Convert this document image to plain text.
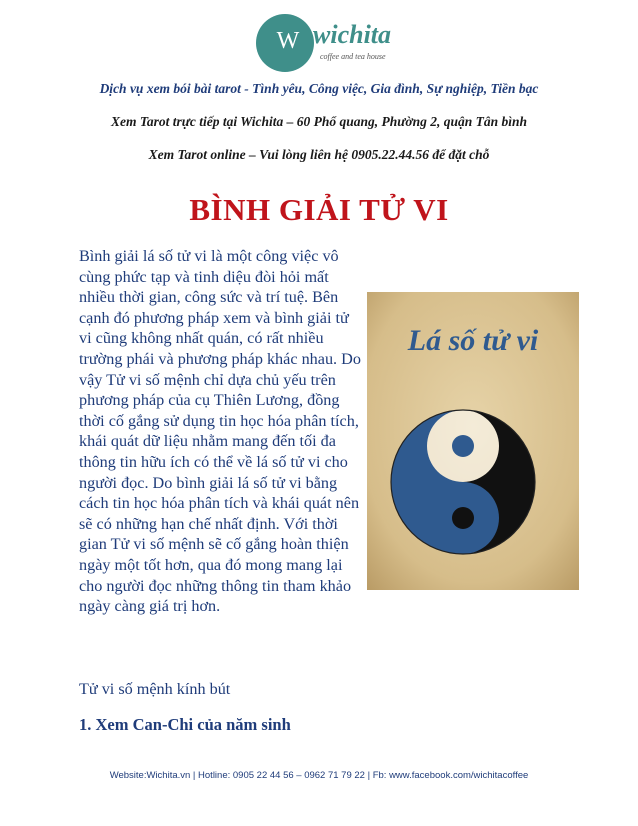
W wichita
coffee and tea house
Dịch vụ xem bói bài tarot - Tình yêu, Công việc, Gia đình, Sự nghiệp, Tiền bạc
Xem Tarot trực tiếp tại Wichita – 60 Phổ quang, Phường 2, quận Tân bình
Xem Tarot online – Vui lòng liên hệ 0905.22.44.56 để đặt chỗ
BÌNH GIẢI TỬ VI
Lá số tử vi

Bình giải lá số tử vi là một công việc vô cùng phức tạp và tinh diệu đòi hỏi mất nhiều thời gian, công sức và trí tuệ. Bên cạnh đó phương pháp xem và bình giải tử vi cũng không nhất quán, có rất nhiều trường phái và phương pháp khác nhau. Do vậy Tử vi số mệnh chỉ dựa chủ yếu trên phương pháp của cụ Thiên Lương, đồng thời cố gắng sử dụng tin học hóa phân tích, khái quát dữ liệu nhằm mang đến tối đa thông tin hữu ích có thể về lá số tử vi cho người đọc. Do bình giải lá số tử vi bằng cách tin học hóa phân tích và khái quát nên sẽ có những hạn chế nhất định. Với thời gian Tử vi số mệnh sẽ cố gắng hoàn thiện ngày một tốt hơn, qua đó mong mang lại cho người đọc những thông tin tham khảo ngày càng giá trị hơn.

Tử vi số mệnh kính bút
1. Xem Can-Chi của năm sinh
Website:Wichita.vn | Hotline: 0905 22 44 56 – 0962 71 79 22 | Fb: www.facebook.com/wichitacoffee
